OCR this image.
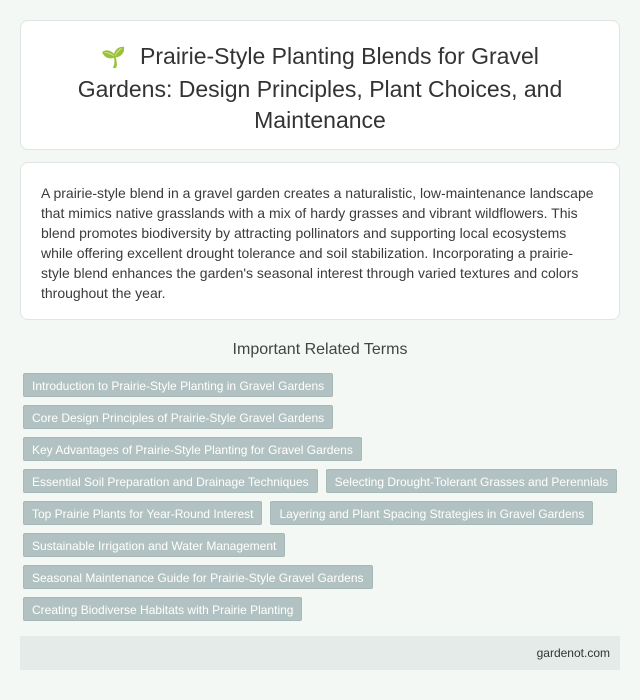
🌱 Prairie-Style Planting Blends for Gravel Gardens: Design Principles, Plant Choices, and Maintenance

A prairie-style blend in a gravel garden creates a naturalistic, low-maintenance landscape that mimics native grasslands with a mix of hardy grasses and vibrant wildflowers. This blend promotes biodiversity by attracting pollinators and supporting local ecosystems while offering excellent drought tolerance and soil stabilization. Incorporating a prairie-style blend enhances the garden's seasonal interest through varied textures and colors throughout the year.

Important Related Terms
Introduction to Prairie-Style Planting in Gravel Gardens
Core Design Principles of Prairie-Style Gravel Gardens
Key Advantages of Prairie-Style Planting for Gravel Gardens
Essential Soil Preparation and Drainage Techniques	Selecting Drought-Tolerant Grasses and Perennials
Top Prairie Plants for Year-Round Interest	Layering and Plant Spacing Strategies in Gravel Gardens
Sustainable Irrigation and Water Management
Seasonal Maintenance Guide for Prairie-Style Gravel Gardens
Creating Biodiverse Habitats with Prairie Planting
gardenot.com
